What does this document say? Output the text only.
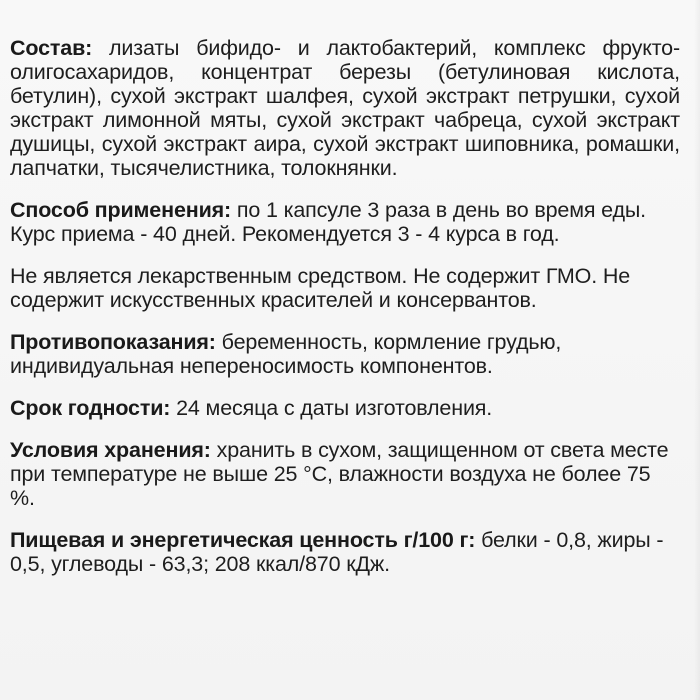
Состав: лизаты бифидо- и лактобактерий, комплекс фрукто-олигосахаридов, концентрат березы (бетулиновая кислота, бетулин), сухой экстракт шалфея, сухой экстракт петрушки, сухой экстракт лимонной мяты, сухой экстракт чабреца, сухой экстракт душицы, сухой экстракт аира, сухой экстракт шиповника, ромашки, лапчатки, тысячелистника, толокнянки.

Способ применения: по 1 капсуле 3 раза в день во время еды. Курс приема - 40 дней. Рекомендуется 3 - 4 курса в год.

Не является лекарственным средством. Не содержит ГМО. Не содержит искусственных красителей и консервантов.

Противопоказания: беременность, кормление грудью, индивидуальная непереносимость компонентов.

Срок годности: 24 месяца с даты изготовления.

Условия хранения: хранить в сухом, защищенном от света месте при температуре не выше 25 °С, влажности воздуха не более 75 %.

Пищевая и энергетическая ценность г/100 г: белки - 0,8, жиры - 0,5, углеводы - 63,3; 208 ккал/870 кДж.
